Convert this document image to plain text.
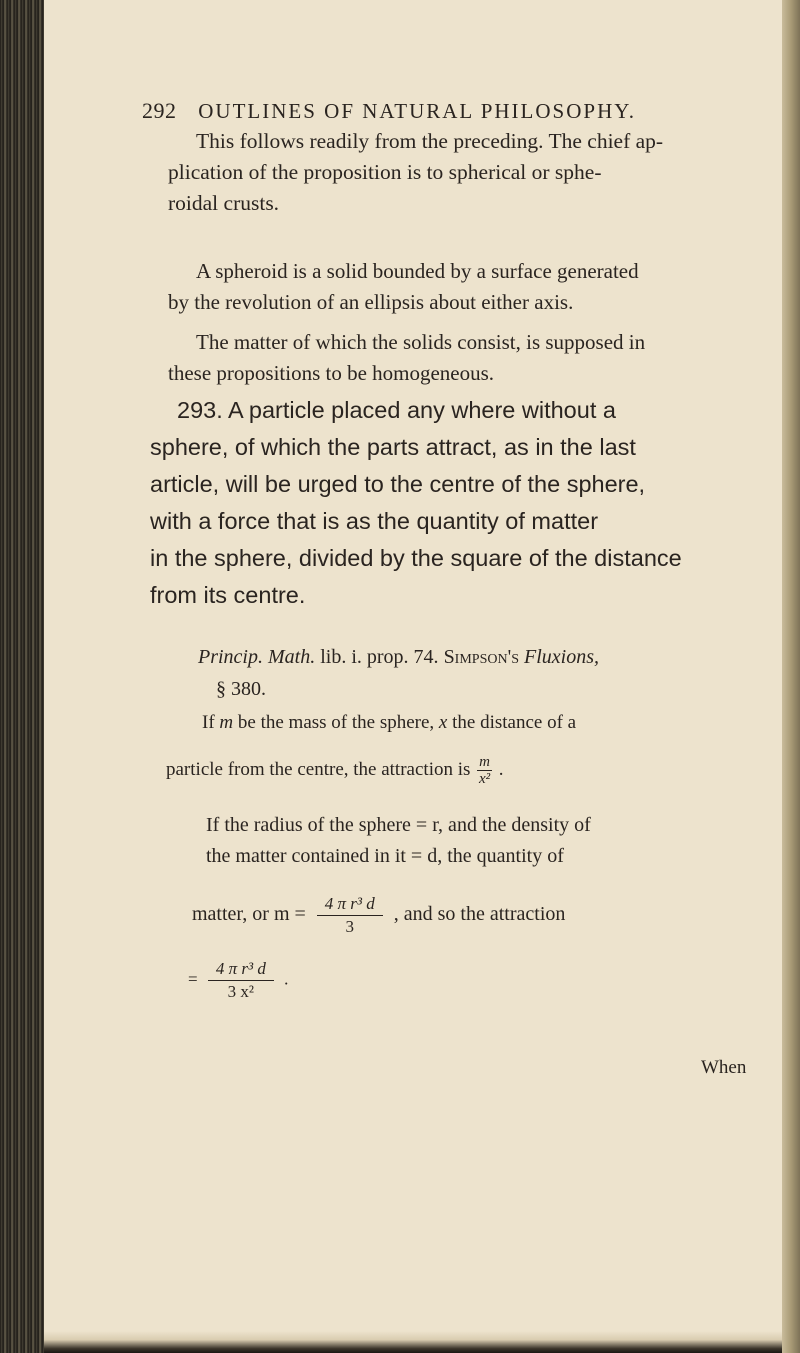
292 OUTLINES OF NATURAL PHILOSOPHY.
This follows readily from the preceding. The chief ap-
plication of the proposition is to spherical or sphe-
roidal crusts.
A spheroid is a solid bounded by a surface generated
by the revolution of an ellipsis about either axis.
The matter of which the solids consist, is supposed in
these propositions to be homogeneous.
293. A particle placed any where without a
sphere, of which the parts attract, as in the last
article, will be urged to the centre of the sphere,
with a force that is as the quantity of matter
in the sphere, divided by the square of the distance
from its centre.
Princip. Math. lib. i. prop. 74. Simpson's Fluxions,
§ 380.
If m be the mass of the sphere, x the distance of a
particle from the centre, the attraction is $\frac{m}{\text{x²}}$ .
If the radius of the sphere = r, and the density of
the matter contained in it = d, the quantity of
matter, or $m = \frac{\text{4 π r³ d}}{3}$ , and so the attraction
= $\frac{\text{4 π r³ d}}{\text{3 x²}}$ .
When
